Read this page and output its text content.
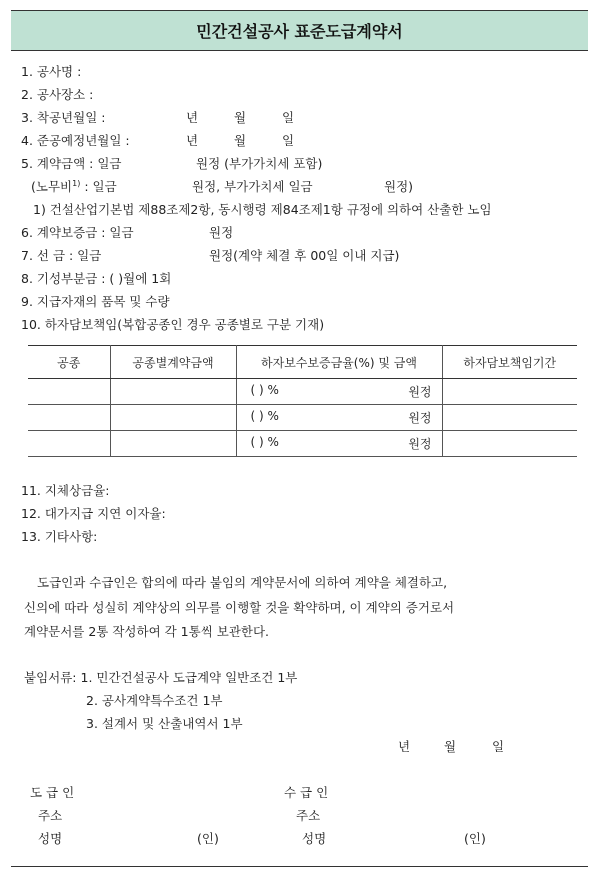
민간건설공사 표준도급계약서
1. 공사명 :
2. 공사장소 :
3. 착공년월일 :	년	월	일
4. 준공예정년월일 :	년	월	일
5. 계약금액 : 일금	원정 (부가가치세 포함)
(노무비$^{1)}$ : 일금	원정, 부가가치세 일금	원정)
1) 건설산업기본법 제88조제2항, 동시행령 제84조제1항 규정에 의하여 산출한 노임
6. 계약보증금 : 일금	원정
7. 선 금 : 일금	원정(계약 체결 후 00일 이내 지급)
8. 기성부분금 : ( )월에 1회
9. 지급자재의 품목 및 수량
10. 하자담보책임(복합공종인 경우 공종별로 구분 기재)
공종	공종별계약금액	하자보수보증금율(%) 및 금액	하자담보책임기간

		( ) % 원정	

		( ) % 원정	

		( ) % 원정	

11. 지체상금율:
12. 대가지급 지연 이자율:
13. 기타사항:
도급인과 수급인은 합의에 따라 붙임의 계약문서에 의하여 계약을 체결하고,
신의에 따라 성실히 계약상의 의무를 이행할 것을 확약하며, 이 계약의 증거로서
계약문서를 2통 작성하여 각 1통씩 보관한다.
붙임서류: 1. 민간건설공사 도급계약 일반조건 1부
2. 공사계약특수조건 1부
3. 설계서 및 산출내역서 1부
년	월	일
도 급 인
주소
성명	(인)
수 급 인
주소
성명	(인)
